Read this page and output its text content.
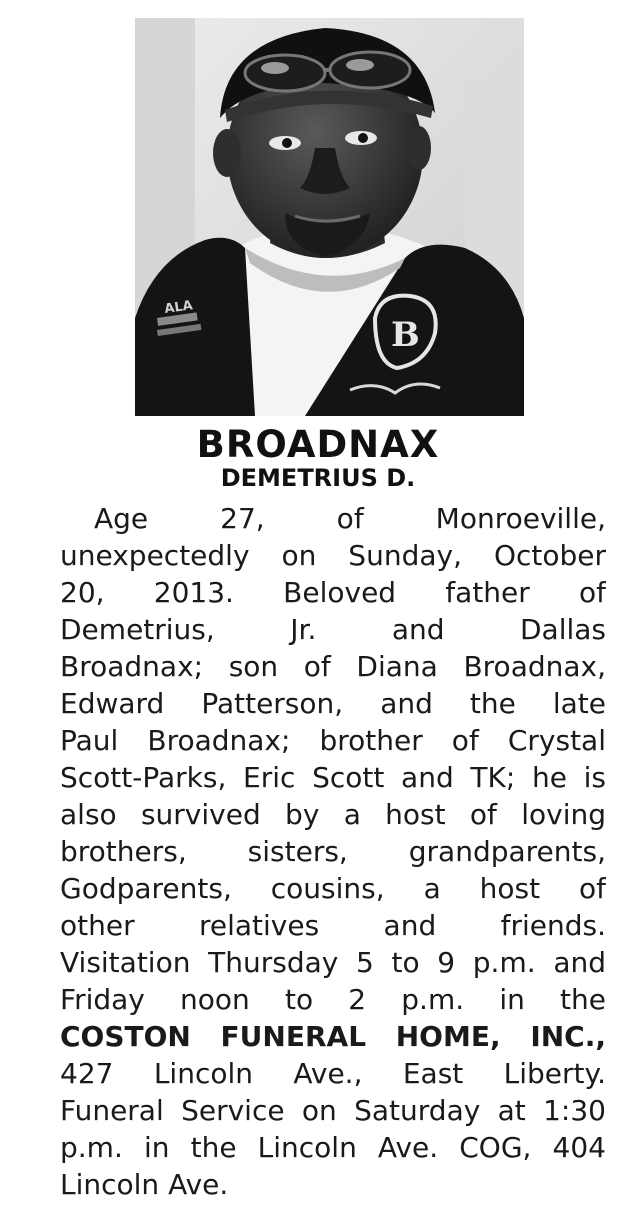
ALA
B
BROADNAX
DEMETRIUS D.
Age 27, of Monroeville,
unexpectedly on Sunday, October
20, 2013. Beloved father of
Demetrius, Jr. and Dallas
Broadnax; son of Diana Broadnax,
Edward Patterson, and the late
Paul Broadnax; brother of Crystal
Scott-Parks, Eric Scott and TK; he is
also survived by a host of loving
brothers, sisters, grandparents,
Godparents, cousins, a host of
other relatives and friends.
Visitation Thursday 5 to 9 p.m. and
Friday noon to 2 p.m. in the
COSTON FUNERAL HOME, INC.,
427 Lincoln Ave., East Liberty.
Funeral Service on Saturday at 1:30
p.m. in the Lincoln Ave. COG, 404
Lincoln Ave.
